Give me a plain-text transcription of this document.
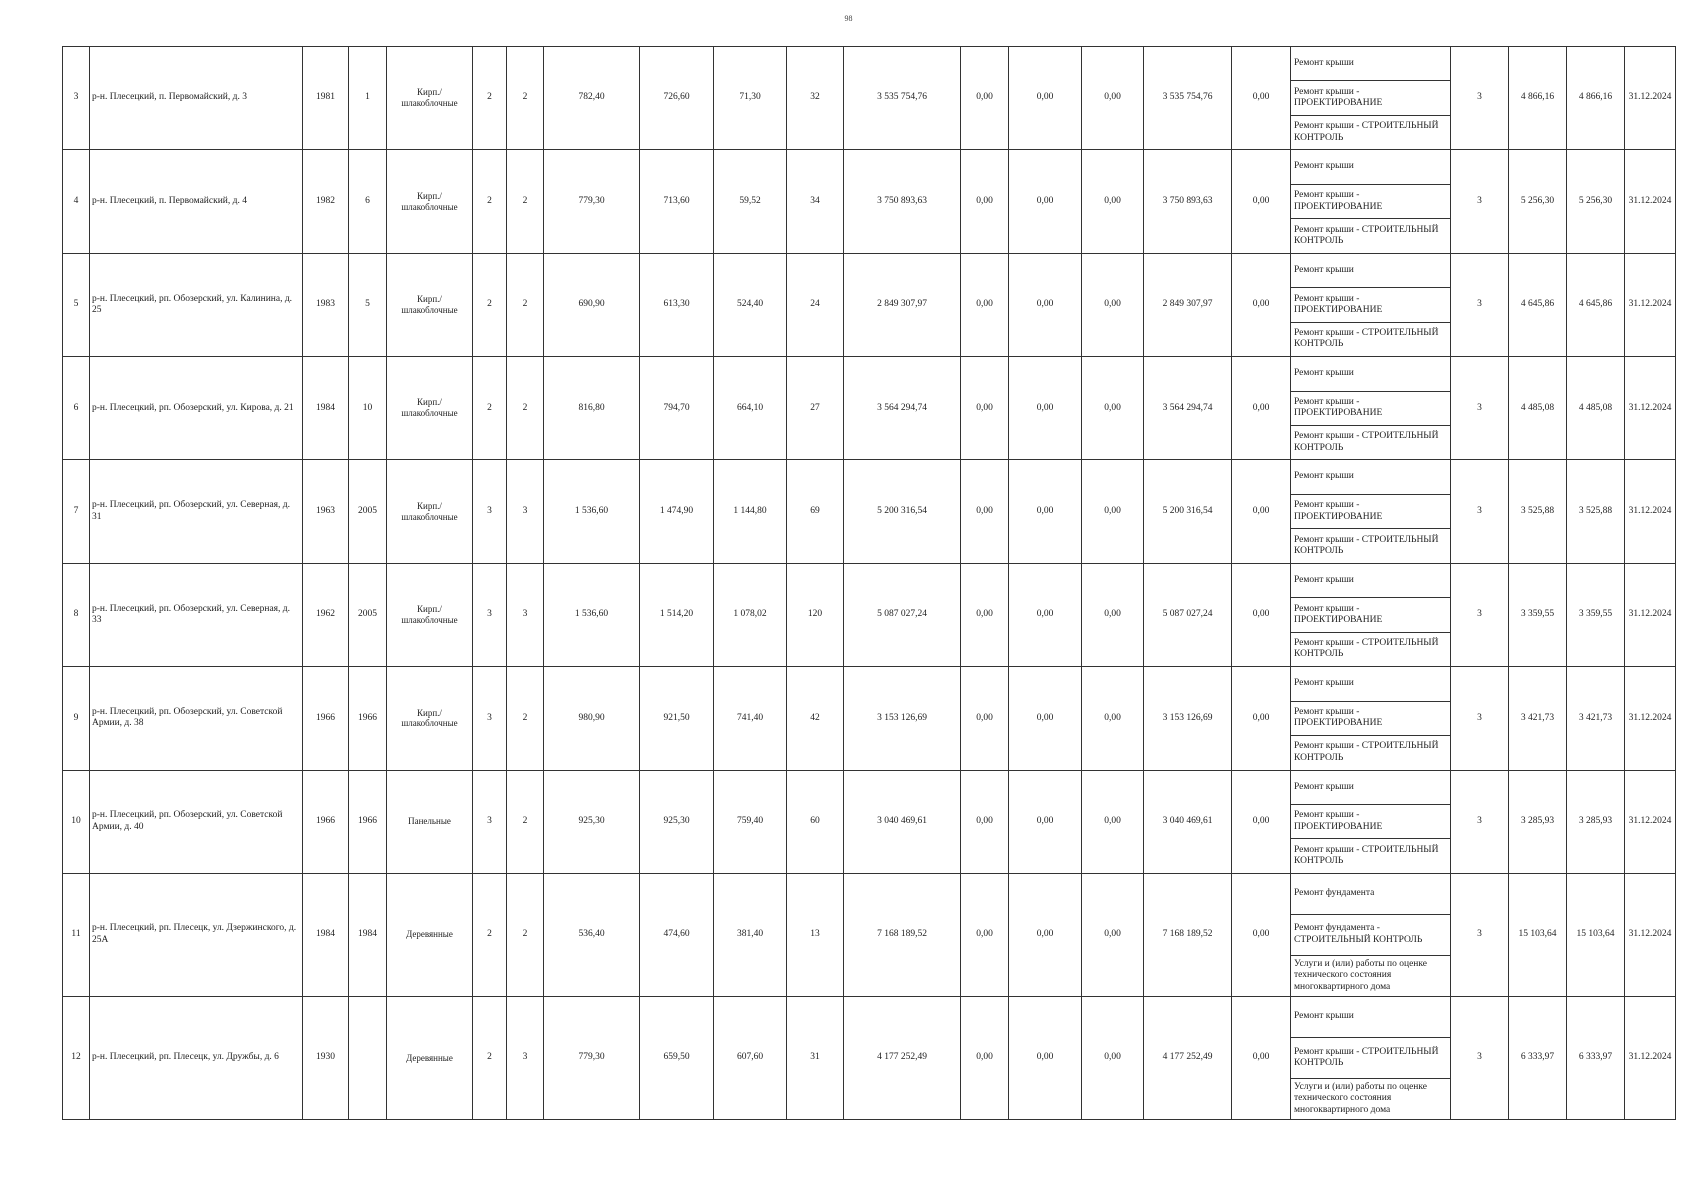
98
3	р-н. Плесецкий, п. Первомайский, д. 3	1981	1	Кирп./ шлакоблочные	2	2	782,40	726,60	71,30	32	3 535 754,76	0,00	0,00	0,00	3 535 754,76	0,00	Ремонт крыши
Ремонт крыши - ПРОЕКТИРОВАНИЕ
Ремонт крыши - СТРОИТЕЛЬНЫЙ КОНТРОЛЬ	3	4 866,16	4 866,16	31.12.2024
4	р-н. Плесецкий, п. Первомайский, д. 4	1982	6	Кирп./ шлакоблочные	2	2	779,30	713,60	59,52	34	3 750 893,63	0,00	0,00	0,00	3 750 893,63	0,00	Ремонт крыши
Ремонт крыши - ПРОЕКТИРОВАНИЕ
Ремонт крыши - СТРОИТЕЛЬНЫЙ КОНТРОЛЬ	3	5 256,30	5 256,30	31.12.2024
5	р-н. Плесецкий, рп. Обозерский, ул. Калинина, д. 25	1983	5	Кирп./ шлакоблочные	2	2	690,90	613,30	524,40	24	2 849 307,97	0,00	0,00	0,00	2 849 307,97	0,00	Ремонт крыши
Ремонт крыши - ПРОЕКТИРОВАНИЕ
Ремонт крыши - СТРОИТЕЛЬНЫЙ КОНТРОЛЬ	3	4 645,86	4 645,86	31.12.2024
6	р-н. Плесецкий, рп. Обозерский, ул. Кирова, д. 21	1984	10	Кирп./ шлакоблочные	2	2	816,80	794,70	664,10	27	3 564 294,74	0,00	0,00	0,00	3 564 294,74	0,00	Ремонт крыши
Ремонт крыши - ПРОЕКТИРОВАНИЕ
Ремонт крыши - СТРОИТЕЛЬНЫЙ КОНТРОЛЬ	3	4 485,08	4 485,08	31.12.2024
7	р-н. Плесецкий, рп. Обозерский, ул. Северная, д. 31	1963	2005	Кирп./ шлакоблочные	3	3	1 536,60	1 474,90	1 144,80	69	5 200 316,54	0,00	0,00	0,00	5 200 316,54	0,00	Ремонт крыши
Ремонт крыши - ПРОЕКТИРОВАНИЕ
Ремонт крыши - СТРОИТЕЛЬНЫЙ КОНТРОЛЬ	3	3 525,88	3 525,88	31.12.2024
8	р-н. Плесецкий, рп. Обозерский, ул. Северная, д. 33	1962	2005	Кирп./ шлакоблочные	3	3	1 536,60	1 514,20	1 078,02	120	5 087 027,24	0,00	0,00	0,00	5 087 027,24	0,00	Ремонт крыши
Ремонт крыши - ПРОЕКТИРОВАНИЕ
Ремонт крыши - СТРОИТЕЛЬНЫЙ КОНТРОЛЬ	3	3 359,55	3 359,55	31.12.2024
9	р-н. Плесецкий, рп. Обозерский, ул. Советской Армии, д. 38	1966	1966	Кирп./ шлакоблочные	3	2	980,90	921,50	741,40	42	3 153 126,69	0,00	0,00	0,00	3 153 126,69	0,00	Ремонт крыши
Ремонт крыши - ПРОЕКТИРОВАНИЕ
Ремонт крыши - СТРОИТЕЛЬНЫЙ КОНТРОЛЬ	3	3 421,73	3 421,73	31.12.2024
10	р-н. Плесецкий, рп. Обозерский, ул. Советской Армии, д. 40	1966	1966	Панельные	3	2	925,30	925,30	759,40	60	3 040 469,61	0,00	0,00	0,00	3 040 469,61	0,00	Ремонт крыши
Ремонт крыши - ПРОЕКТИРОВАНИЕ
Ремонт крыши - СТРОИТЕЛЬНЫЙ КОНТРОЛЬ	3	3 285,93	3 285,93	31.12.2024
11	р-н. Плесецкий, рп. Плесецк, ул. Дзержинского, д. 25А	1984	1984	Деревянные	2	2	536,40	474,60	381,40	13	7 168 189,52	0,00	0,00	0,00	7 168 189,52	0,00	Ремонт фундамента
Ремонт фундамента - СТРОИТЕЛЬНЫЙ КОНТРОЛЬ
Услуги и (или) работы по оценке технического состояния многоквартирного дома	3	15 103,64	15 103,64	31.12.2024
12	р-н. Плесецкий, рп. Плесецк, ул. Дружбы, д. 6	1930		Деревянные	2	3	779,30	659,50	607,60	31	4 177 252,49	0,00	0,00	0,00	4 177 252,49	0,00	Ремонт крыши
Ремонт крыши - СТРОИТЕЛЬНЫЙ КОНТРОЛЬ
Услуги и (или) работы по оценке технического состояния многоквартирного дома	3	6 333,97	6 333,97	31.12.2024
